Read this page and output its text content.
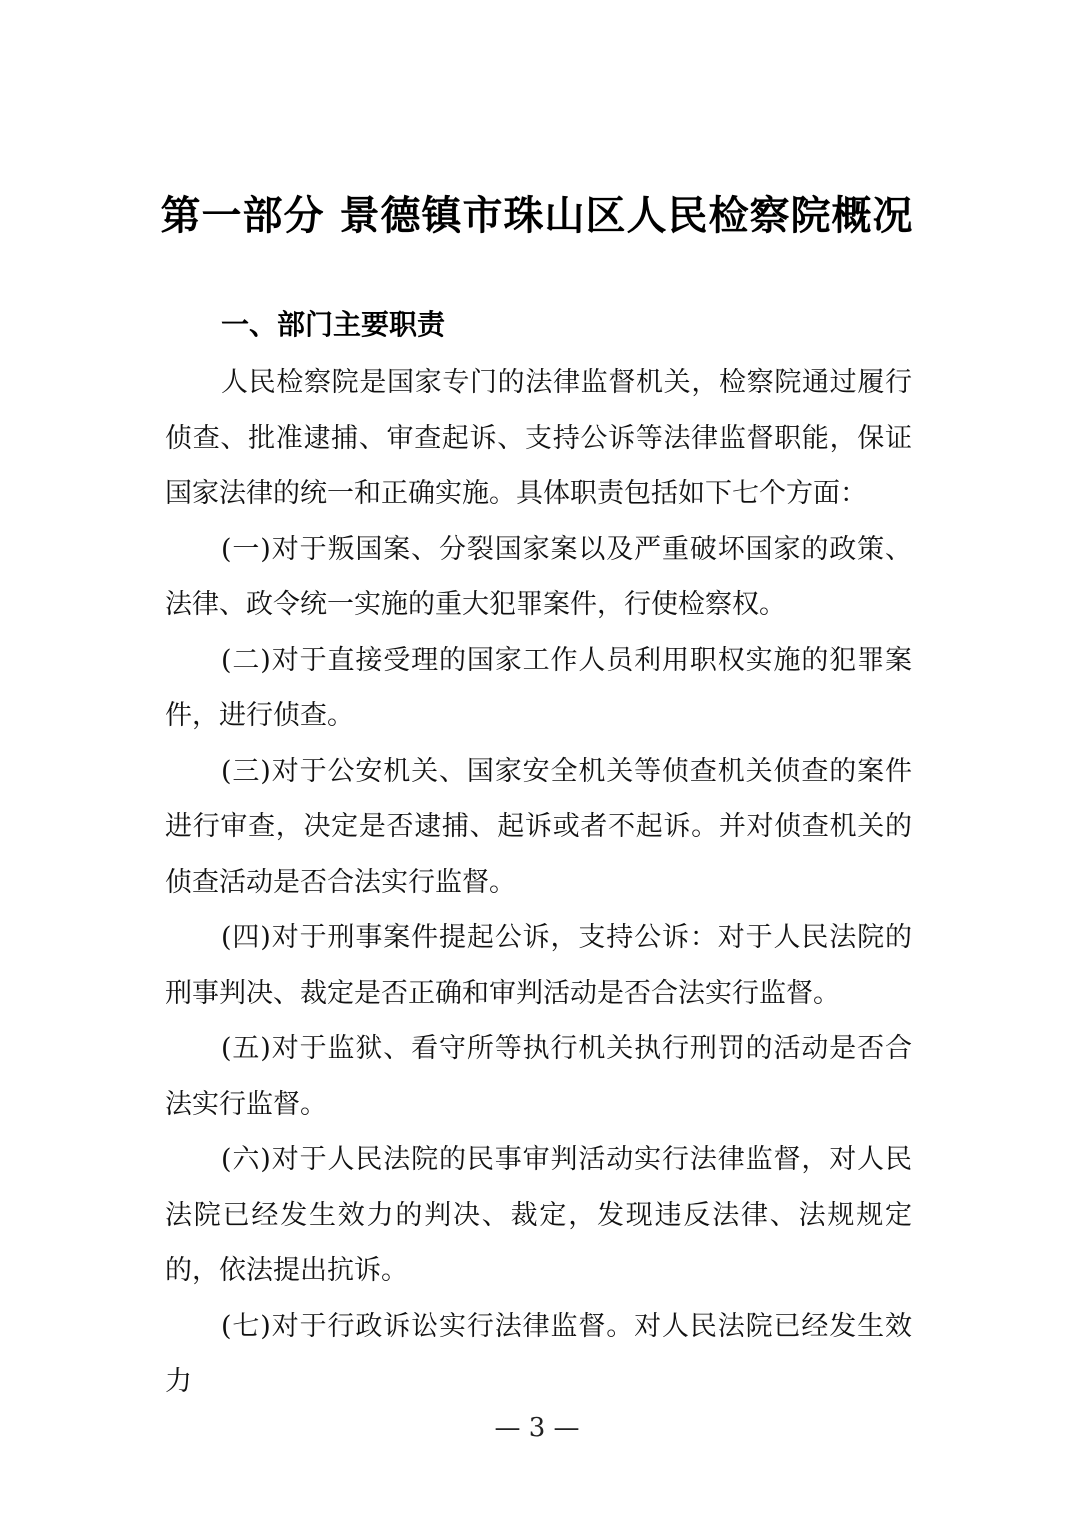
第一部分 景德镇市珠山区人民检察院概况
一、部门主要职责

人民检察院是国家专门的法律监督机关，检察院通过履行侦查、批准逮捕、审查起诉、支持公诉等法律监督职能，保证国家法律的统一和正确实施。具体职责包括如下七个方面：

(一)对于叛国案、分裂国家案以及严重破坏国家的政策、法律、政令统一实施的重大犯罪案件，行使检察权。

(二)对于直接受理的国家工作人员利用职权实施的犯罪案件，进行侦查。

(三)对于公安机关、国家安全机关等侦查机关侦查的案件进行审查，决定是否逮捕、起诉或者不起诉。并对侦查机关的侦查活动是否合法实行监督。

(四)对于刑事案件提起公诉，支持公诉：对于人民法院的刑事判决、裁定是否正确和审判活动是否合法实行监督。

(五)对于监狱、看守所等执行机关执行刑罚的活动是否合法实行监督。

(六)对于人民法院的民事审判活动实行法律监督，对人民法院已经发生效力的判决、裁定，发现违反法律、法规规定的，依法提出抗诉。

(七)对于行政诉讼实行法律监督。对人民法院已经发生效力

— 3 —
